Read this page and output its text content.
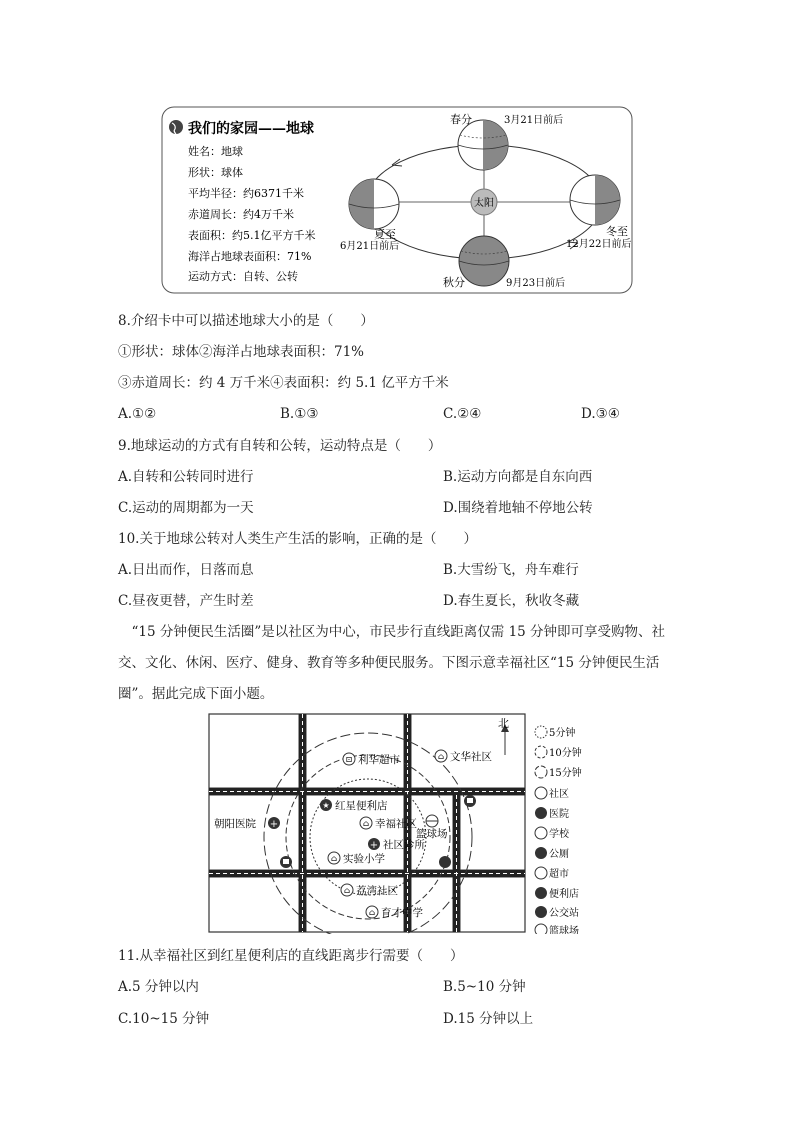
我们的家园——地球
姓名：地球
形状：球体
平均半径：约6371千米
赤道周长：约4万千米
表面积：约5.1亿平方千米
海洋占地球表面积：71%
运动方式：自转、公转
太阳
春分	3月21日前后
夏至
6月21日前后
秋分	9月23日前后
冬至
12月22日前后
8.介绍卡中可以描述地球大小的是（　　）
①形状：球体②海洋占地球表面积：71%
③赤道周长：约 4 万千米④表面积：约 5.1 亿平方千米
A.①②	B.①③	C.②④	D.③④
9.地球运动的方式有自转和公转，运动特点是（　　）
A.自转和公转同时进行	B.运动方向都是自东向西
C.运动的周期都为一天	D.围绕着地轴不停地公转
10.关于地球公转对人类生产生活的影响，正确的是（　　）
A.日出而作，日落而息	B.大雪纷飞，舟车难行
C.昼夜更替，产生时差	D.春生夏长，秋收冬藏
　“15 分钟便民生活圈”是以社区为中心，市民步行直线距离仅需 15 分钟即可享受购物、社交、文化、休闲、医疗、健身、教育等多种便民服务。下图示意幸福社区“15 分钟便民生活圈”。据此完成下面小题。
北
⊡ 利华超市	⌂ 文华社区
★ 红星便利店
⌂ 幸福社区
朝阳医院 +
篮球场
+ 社区诊所
⌂ 实验小学
⌂ 荔湾社区
⌂ 育才中学
5分钟
10分钟
15分钟
社区
医院
学校
公厕
超市
便利店
公交站
篮球场
11.从幸福社区到红星便利店的直线距离步行需要（　　）
A.5 分钟以内	B.5~10 分钟
C.10~15 分钟	D.15 分钟以上
